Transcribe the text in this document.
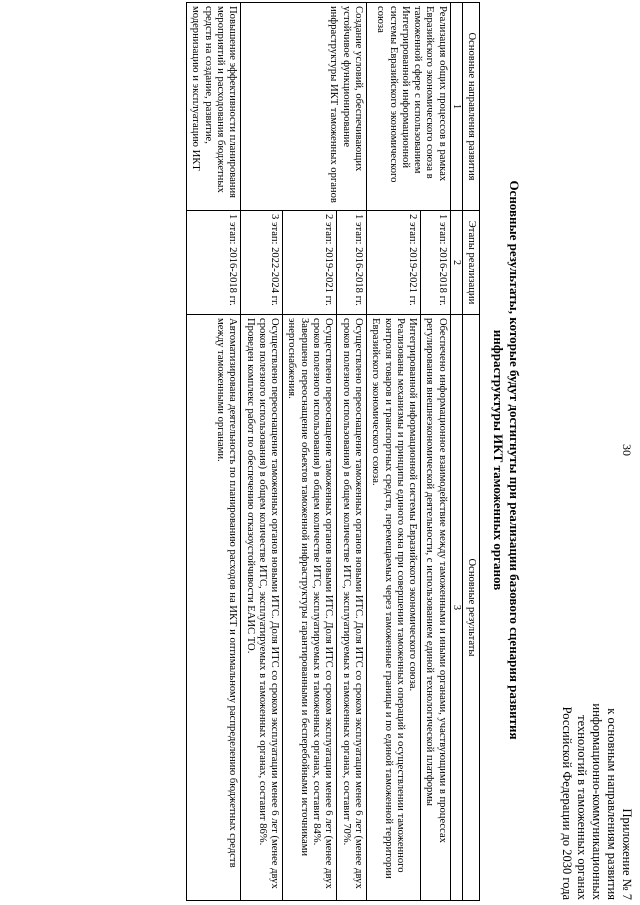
30
Приложение № 7
к основным направлениям развития
информационно-коммуникационных
технологий в таможенных органах
Российской Федерации до 2030 года
Основные результаты, которые будут достигнуты при реализации базового сценария развития
инфраструктуры ИКТ таможенных органов
Основные направления развития	Этапы реализации	Основные результаты
1	2	3
Реализация общих процессов в рамках Евразийского экономического союза в таможенной сфере с использованием Интегрированной информационной системы Евразийского экономического союза	1 этап: 2016-2018 гг.	Обеспечено информационное взаимодействие между таможенными и иными органами, участвующими в процессах регулирования внешнеэкономической деятельности, с использованием единой технологической платформы

	2 этап: 2019-2021 гг.	Интегрированной информационной системы Евразийского экономического союза.
Реализованы механизмы и принципы единого окна при совершении таможенных операций и осуществлении таможенного контроля товаров и транспортных средств, перемещаемых через таможенные границы и по единой таможенной территории Евразийского экономического союза.

Создание условий, обеспечивающих устойчивое функционирование инфраструктуры ИКТ таможенных органов	1 этап: 2016-2018 гг.	Осуществлено переоснащение таможенных органов новыми ИТС. Доля ИТС со сроком эксплуатации менее 6 лет (менее двух сроков полезного использования) в общем количестве ИТС, эксплуатируемых в таможенных органах, составит 70%.
	2 этап: 2019-2021 гг.	Осуществлено переоснащение таможенных органов новыми ИТС. Доля ИТС со сроком эксплуатации менее 6 лет (менее двух сроков полезного использования) в общем количестве ИТС, эксплуатируемых в таможенных органах, составит 84%.
Завершено переоснащение объектов таможенной инфраструктуры гарантированными и бесперебойными источниками энергоснабжения.

	3 этап: 2022-2024 гг.	Осуществлено переоснащение таможенных органов новыми ИТС. Доля ИТС со сроком эксплуатации менее 6 лет (менее двух сроков полезного использования) в общем количестве ИТС, эксплуатируемых в таможенных органах, составит 86%.
Проведен комплекс работ по обеспечению отказоустойчивости ЕАИС ТО.

Повышение эффективности планирования мероприятий и расходования бюджетных средств на создание, развитие, модернизацию и эксплуатацию ИКТ	1 этап: 2016-2018 гг.	Автоматизирована деятельность по планированию расходов на ИКТ и оптимальному распределению бюджетных средств между таможенными органами.
